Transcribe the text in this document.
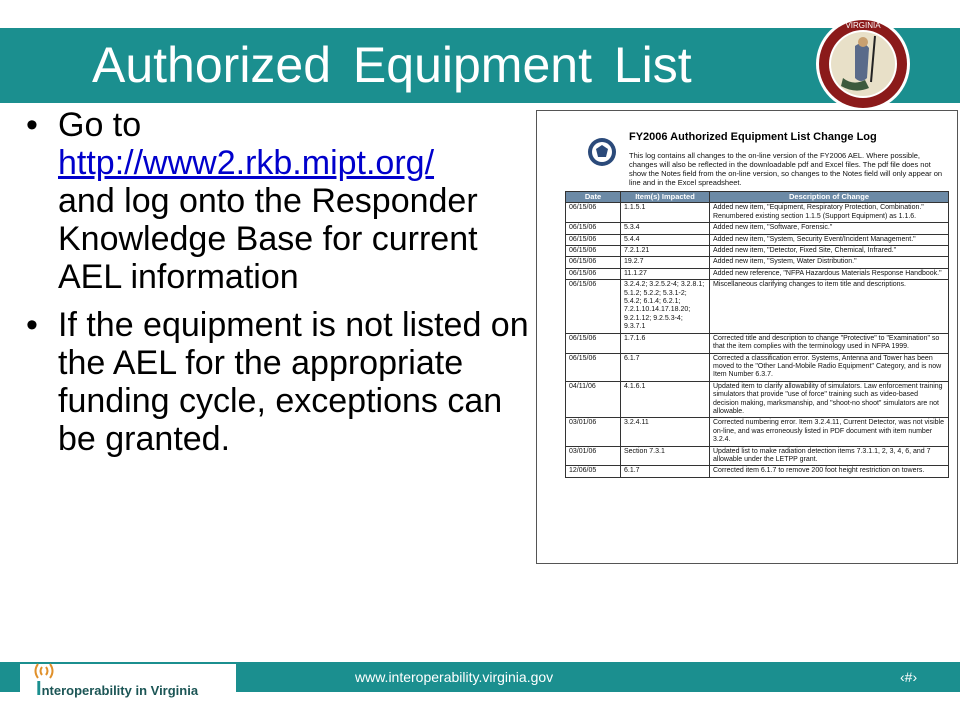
Authorized Equipment List
VIRGINIA
• Go to
http://www2.rkb.mipt.org/
and log onto the Responder Knowledge Base for current AEL information
• If the equipment is not listed on the AEL for the appropriate funding cycle, exceptions can be granted.
FY2006 Authorized Equipment List Change Log
This log contains all changes to the on-line version of the FY2006 AEL. Where possible, changes will also be reflected in the downloadable pdf and Excel files. The pdf file does not show the Notes field from the on-line version, so changes to the Notes field will only appear on line and in the Excel spreadsheet.
Date	Item(s) Impacted	Description of Change
06/15/06	1.1.5.1	Added new item, "Equipment, Respiratory Protection, Combination." Renumbered existing section 1.1.5 (Support Equipment) as 1.1.6.
06/15/06	5.3.4	Added new item, "Software, Forensic."
06/15/06	5.4.4	Added new item, "System, Security Event/Incident Management."
06/15/06	7.2.1.21	Added new item, "Detector, Fixed Site, Chemical, Infrared."
06/15/06	19.2.7	Added new item, "System, Water Distribution."
06/15/06	11.1.27	Added new reference, "NFPA Hazardous Materials Response Handbook."
06/15/06	3.2.4.2; 3.2.5.2-4; 3.2.8.1; 5.1.2; 5.2.2; 5.3.1-2; 5.4.2; 6.1.4; 6.2.1; 7.2.1.10.14.17.18.20; 9.2.1.12; 9.2.5.3-4; 9.3.7.1	Miscellaneous clarifying changes to item title and descriptions.
06/15/06	1.7.1.6	Corrected title and description to change "Protective" to "Examination" so that the item complies with the terminology used in NFPA 1999.
06/15/06	6.1.7	Corrected a classification error. Systems, Antenna and Tower has been moved to the "Other Land-Mobile Radio Equipment" Category, and is now Item Number 6.3.7.
04/11/06	4.1.6.1	Updated item to clarify allowability of simulators. Law enforcement training simulators that provide "use of force" training such as video-based decision making, marksmanship, and "shoot-no shoot" simulators are not allowable.
03/01/06	3.2.4.11	Corrected numbering error. Item 3.2.4.11, Current Detector, was not visible on-line, and was erroneously listed in PDF document with item number 3.2.4.
03/01/06	Section 7.3.1	Updated list to make radiation detection items 7.3.1.1, 2, 3, 4, 6, and 7 allowable under the LETPP grant.
12/06/05	6.1.7	Corrected item 6.1.7 to remove 200 foot height restriction on towers.
Interoperability in Virginia
www.interoperability.virginia.gov	‹#›
